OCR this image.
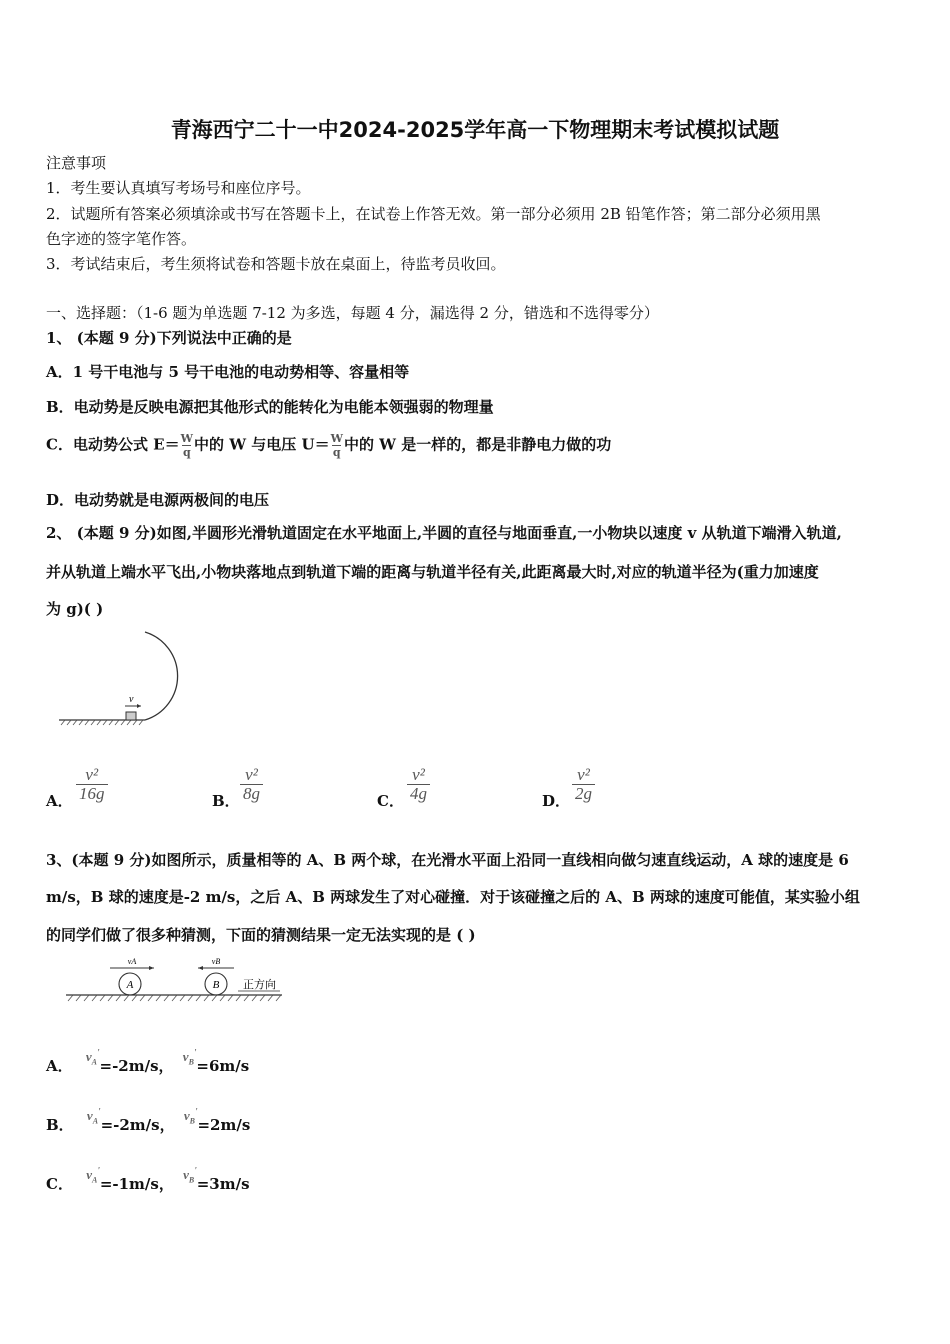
青海西宁二十一中2024-2025学年高一下物理期末考试模拟试题
注意事项
1．考生要认真填写考场号和座位序号。
2．试题所有答案必须填涂或书写在答题卡上，在试卷上作答无效。第一部分必须用 2B 铅笔作答；第二部分必须用黑
色字迹的签字笔作答。
3．考试结束后，考生须将试卷和答题卡放在桌面上，待监考员收回。
一、选择题：（1-6 题为单选题 7-12 为多选，每题 4 分，漏选得 2 分，错选和不选得零分）
1、 (本题 9 分)下列说法中正确的是
A．1 号干电池与 5 号干电池的电动势相等、容量相等
B．电动势是反映电源把其他形式的能转化为电能本领强弱的物理量
C．电动势公式 $E= \frac{W}{q}$ 中的 W 与电压 $U= \frac{W}{q}$ 中的 W 是一样的，都是非静电力做的功
D．电动势就是电源两极间的电压
2、 (本题 9 分)如图,半圆形光滑轨道固定在水平地面上,半圆的直径与地面垂直,一小物块以速度 v 从轨道下端滑入轨道,
并从轨道上端水平飞出,小物块落地点到轨道下端的距离与轨道半径有关,此距离最大时,对应的轨道半径为(重力加速度
为 g)( )
v
A． $\frac{\text{v²}}{16g}$	B． $\frac{\text{v²}}{8g}$	C． $\frac{\text{v²}}{4g}$	D． $\frac{\text{v²}}{2g}$
3、(本题 9 分)如图所示，质量相等的 A、B 两个球，在光滑水平面上沿同一直线相向做匀速直线运动，A 球的速度是 6
m/s，B 球的速度是-2 m/s，之后 A、B 两球发生了对心碰撞．对于该碰撞之后的 A、B 两球的速度可能值，某实验小组
的同学们做了很多种猜测，下面的猜测结果一定无法实现的是 ( )
A	B
vA	vB
正方向
A． $v_A'=-2m/s$， $v_B'=6m/s$
B． $v_A'=-2m/s$， $v_B'=2m/s$
C． $v_A'=-1m/s$， $v_B'=3m/s$
